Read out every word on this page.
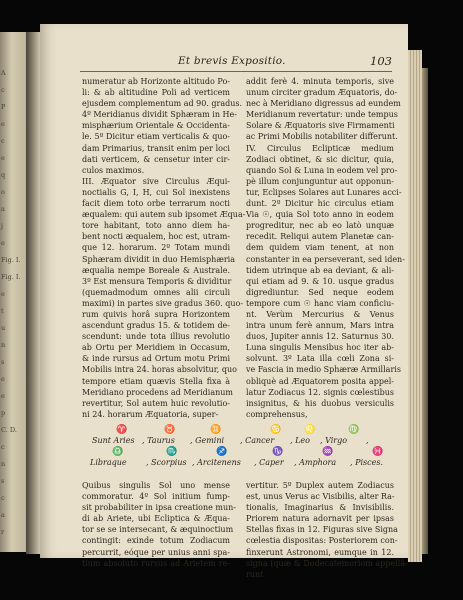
A
c
P
e
c
e
q
o
a
j
e
Fig. I.
Fig. I.
e
t
u
n
s
e
e
p
C. D.
c
n
s
c
a
r
Et brevis Expositio.	103
numeratur ab Horizonte altitudo Po-
li: & ab altitudine Poli ad verticem
ejusdem complementum ad 90. gradus.
4º Meridianus dividit Sphæram in He-
misphærium Orientale & Occidenta-
le. 5º Dicitur etiam verticalis & quo-
dam Primarius, transit enim per loci
dati verticem, & censetur inter cir-
culos maximos.
III. Æquator sive Circulus Æqui-
noctialis G, I, H, cui Sol inexistens
facit diem toto orbe terrarum nocti
æqualem: qui autem sub ipsomet Æqua-
tore habitant, toto anno diem ha-
bent nocti æqualem, hoc est, utram-
que 12. horarum. 2º Totam mundi
Sphæram dividit in duo Hemisphæria
æqualia nempe Boreale & Australe.
3º Est mensura Temporis & dividitur
(quemadmodum omnes alii circuli
maximi) in partes sive gradus 360. quo-
rum quivis horâ supra Horizontem
ascendunt gradus 15. & totidem de-
scendunt: unde tota illius revolutio
ab Ortu per Meridiem in Occasum,
& inde rursus ad Ortum motu Primi
Mobilis intra 24. horas absolvitur, quo
tempore etiam quævis Stella fixa à
Meridiano procedens ad Meridianum
revertitur, Sol autem huic revolutio-
ni 24. horarum Æquatoria, super-
addit ferè 4. minuta temporis, sive
unum circiter gradum Æquatoris, do-
nec à Meridiano digressus ad eundem
Meridianum revertatur: unde tempus
Solare & Æquatoris sive Firmamenti
ac Primi Mobilis notabiliter differunt.
IV. Circulus Eclipticæ medium
Zodiaci obtinet, & sic dicitur, quia,
quando Sol & Luna in eodem vel pro-
pè illum conjunguntur aut opponun-
tur, Eclipses Solares aut Lunares acci-
dunt. 2º Dicitur hic circulus etiam
Via ☉, quia Sol toto anno in eodem
progreditur, nec ab eo latò unquæ
recedit. Reliqui autem Planetæ can-
dem quidem viam tenent, at non
constanter in ea perseverant, sed iden-
tidem utrinque ab ea deviant, & ali-
qui etiam ad 9. & 10. usque gradus
digrediuntur. Sed neque eodem
tempore cum ☉ hanc viam conficiu-
nt. Verùm Mercurius & Venus
intra unum ferè annum, Mars intra
duos, Jupiter annis 12. Saturnus 30.
Luna singulis Mensibus hoc iter ab-
solvunt. 3º Lata illa cœli Zona si-
ve Fascia in medio Sphæræ Armillaris
obliquè ad Æquatorem posita appel-
latur Zodiacus 12. signis cœlestibus
insignitus, & his duobus versiculis
comprehensus,
♈	♉	♊	♋	♌	♍
Sunt Aries , Taurus , Gemini , Cancer , Leo , Virgo ,
♎	♏	♐	♑	♒	♓
Libraque , Scorpius , Arcitenens , Caper , Amphora , Pisces.
Quibus singulis Sol uno mense
commoratur. 4º Sol initium fump-
sit probabiliter in ipsa creatione mun-
di ab Ariete, ubi Ecliptica & Æqua-
tor se se intersecant, & æquinoctium
contingit: exinde totum Zodiacum
percurrit, eóque per unius anni spa-
tium absoluto rursus ad Arietem re-
vertitur. 5º Duplex autem Zodiacus
est, unus Verus ac Visibilis, alter Ra-
tionalis, Imaginarius & Invisibilis.
Priorem natura adornavit per ipsas
Stellas fixas in 12. Figuras sive Signa
cœlestia dispositas: Posteriorem con-
finxerunt Astronomi, eumque in 12.
signa (quæ & Dodecatemoriom appellâ-
runt
